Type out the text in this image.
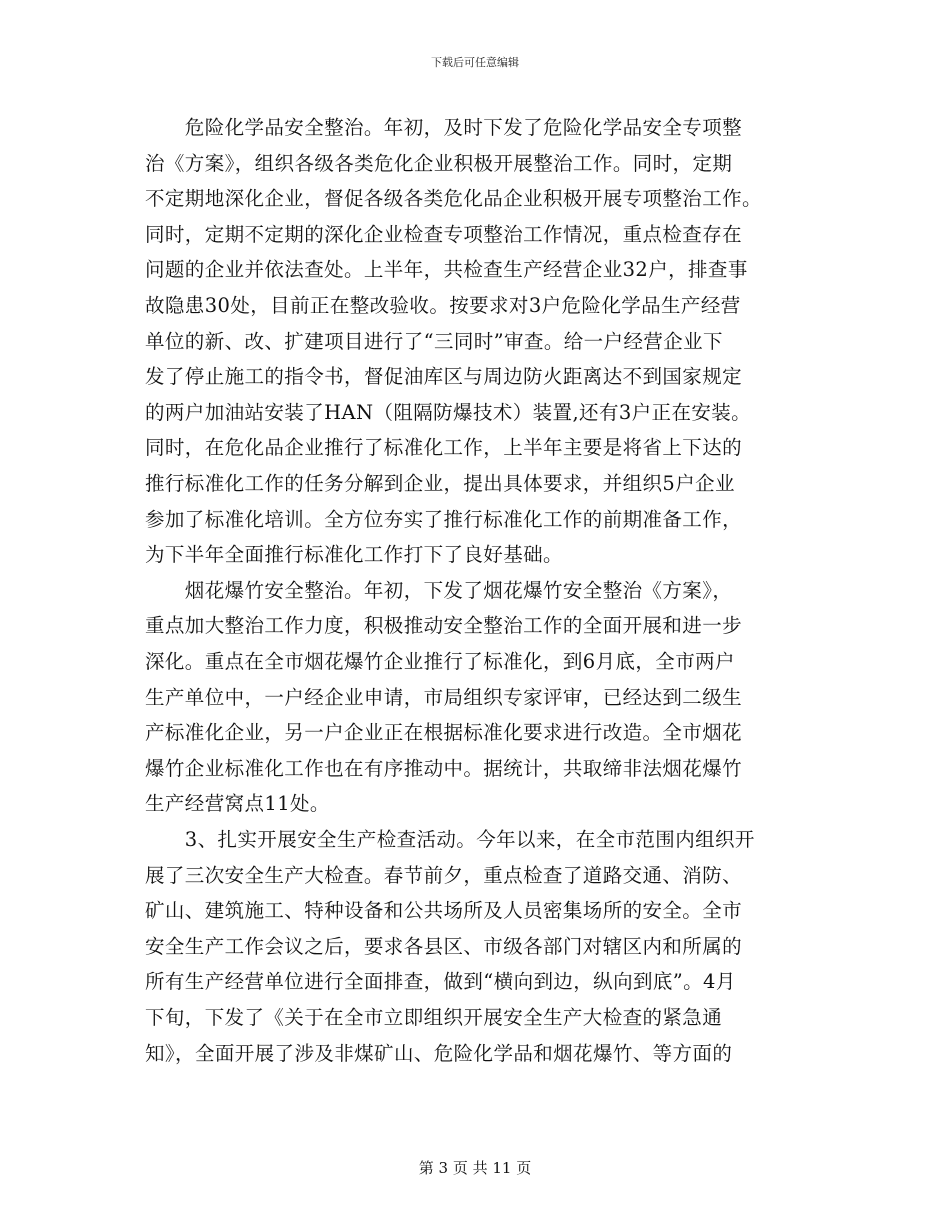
下载后可任意编辑
　　危险化学品安全整治。年初，及时下发了危险化学品安全专项整
治《方案》，组织各级各类危化企业积极开展整治工作。同时，定期
不定期地深化企业，督促各级各类危化品企业积极开展专项整治工作。
同时，定期不定期的深化企业检查专项整治工作情况，重点检查存在
问题的企业并依法查处。上半年，共检查生产经营企业32户，排查事
故隐患30处，目前正在整改验收。按要求对3户危险化学品生产经营
单位的新、改、扩建项目进行了“三同时”审查。给一户经营企业下
发了停止施工的指令书，督促油库区与周边防火距离达不到国家规定
的两户加油站安装了HAN（阻隔防爆技术）装置,还有3户正在安装。
同时，在危化品企业推行了标准化工作，上半年主要是将省上下达的
推行标准化工作的任务分解到企业，提出具体要求，并组织5户企业
参加了标准化培训。全方位夯实了推行标准化工作的前期准备工作，
为下半年全面推行标准化工作打下了良好基础。
　　烟花爆竹安全整治。年初，下发了烟花爆竹安全整治《方案》，
重点加大整治工作力度，积极推动安全整治工作的全面开展和进一步
深化。重点在全市烟花爆竹企业推行了标准化，到6月底，全市两户
生产单位中，一户经企业申请，市局组织专家评审，已经达到二级生
产标准化企业，另一户企业正在根据标准化要求进行改造。全市烟花
爆竹企业标准化工作也在有序推动中。据统计，共取缔非法烟花爆竹
生产经营窝点11处。
　　3、扎实开展安全生产检查活动。今年以来，在全市范围内组织开
展了三次安全生产大检查。春节前夕，重点检查了道路交通、消防、
矿山、建筑施工、特种设备和公共场所及人员密集场所的安全。全市
安全生产工作会议之后，要求各县区、市级各部门对辖区内和所属的
所有生产经营单位进行全面排查，做到“横向到边，纵向到底”。4月
下旬，下发了《关于在全市立即组织开展安全生产大检查的紧急通
知》，全面开展了涉及非煤矿山、危险化学品和烟花爆竹、等方面的
第 3 页 共 11 页
